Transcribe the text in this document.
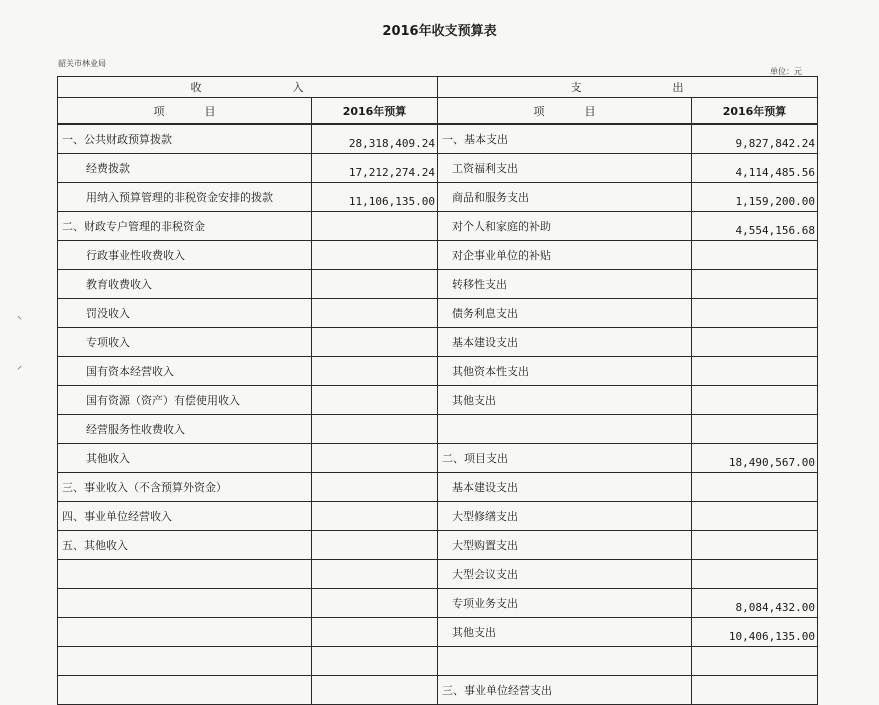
2016年收支预算表
韶关市林业局
单位：元
⸌
⸍
收 入		支 出	
项 目	2016年预算	项 目	2016年预算
一、公共财政预算拨款	28,318,409.24	一、基本支出	9,827,842.24
经费拨款	17,212,274.24	工资福利支出	4,114,485.56
用纳入预算管理的非税资金安排的拨款	11,106,135.00	商品和服务支出	1,159,200.00
二、财政专户管理的非税资金		对个人和家庭的补助	4,554,156.68
行政事业性收费收入		对企事业单位的补贴	
教育收费收入		转移性支出	
罚没收入		债务利息支出	
专项收入		基本建设支出	
国有资本经营收入		其他资本性支出	
国有资源（资产）有偿使用收入		其他支出	
经营服务性收费收入			
其他收入		二、项目支出	18,490,567.00
三、事业收入（不含预算外资金）		基本建设支出	
四、事业单位经营收入		大型修缮支出	
五、其他收入		大型购置支出	
		大型会议支出	
		专项业务支出	8,084,432.00
		其他支出	10,406,135.00

		三、事业单位经营支出	
